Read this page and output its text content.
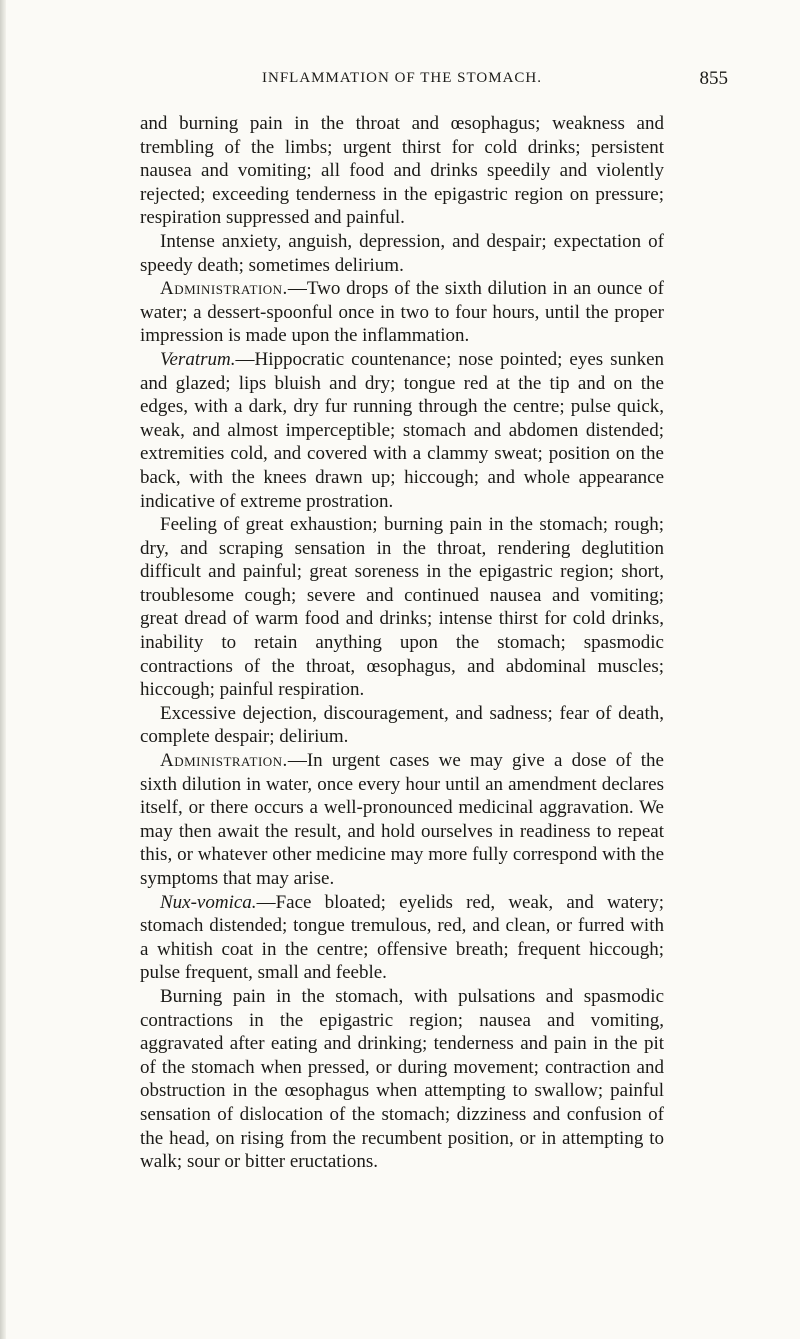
INFLAMMATION OF THE STOMACH.	855

and burning pain in the throat and œsophagus; weakness and trembling of the limbs; urgent thirst for cold drinks; persistent nausea and vomiting; all food and drinks speedily and violently rejected; exceeding tenderness in the epigastric region on pressure; respiration suppressed and painful.

Intense anxiety, anguish, depression, and despair; expectation of speedy death; sometimes delirium.

Administration.—Two drops of the sixth dilution in an ounce of water; a dessert-spoonful once in two to four hours, until the proper impression is made upon the inflammation.

Veratrum.—Hippocratic countenance; nose pointed; eyes sunken and glazed; lips bluish and dry; tongue red at the tip and on the edges, with a dark, dry fur running through the centre; pulse quick, weak, and almost imperceptible; stomach and abdomen distended; extremities cold, and covered with a clammy sweat; position on the back, with the knees drawn up; hiccough; and whole appearance indicative of extreme prostration.

Feeling of great exhaustion; burning pain in the stomach; rough; dry, and scraping sensation in the throat, rendering deglutition difficult and painful; great soreness in the epigastric region; short, troublesome cough; severe and continued nausea and vomiting; great dread of warm food and drinks; intense thirst for cold drinks, inability to retain anything upon the stomach; spasmodic contractions of the throat, œsophagus, and abdominal muscles; hiccough; painful respiration.

Excessive dejection, discouragement, and sadness; fear of death, complete despair; delirium.

Administration.—In urgent cases we may give a dose of the sixth dilution in water, once every hour until an amendment declares itself, or there occurs a well-pronounced medicinal aggravation. We may then await the result, and hold ourselves in readiness to repeat this, or whatever other medicine may more fully correspond with the symptoms that may arise.

Nux-vomica.—Face bloated; eyelids red, weak, and watery; stomach distended; tongue tremulous, red, and clean, or furred with a whitish coat in the centre; offensive breath; frequent hiccough; pulse frequent, small and feeble.

Burning pain in the stomach, with pulsations and spasmodic contractions in the epigastric region; nausea and vomiting, aggravated after eating and drinking; tenderness and pain in the pit of the stomach when pressed, or during movement; contraction and obstruction in the œsophagus when attempting to swallow; painful sensation of dislocation of the stomach; dizziness and confusion of the head, on rising from the recumbent position, or in attempting to walk; sour or bitter eructations.
